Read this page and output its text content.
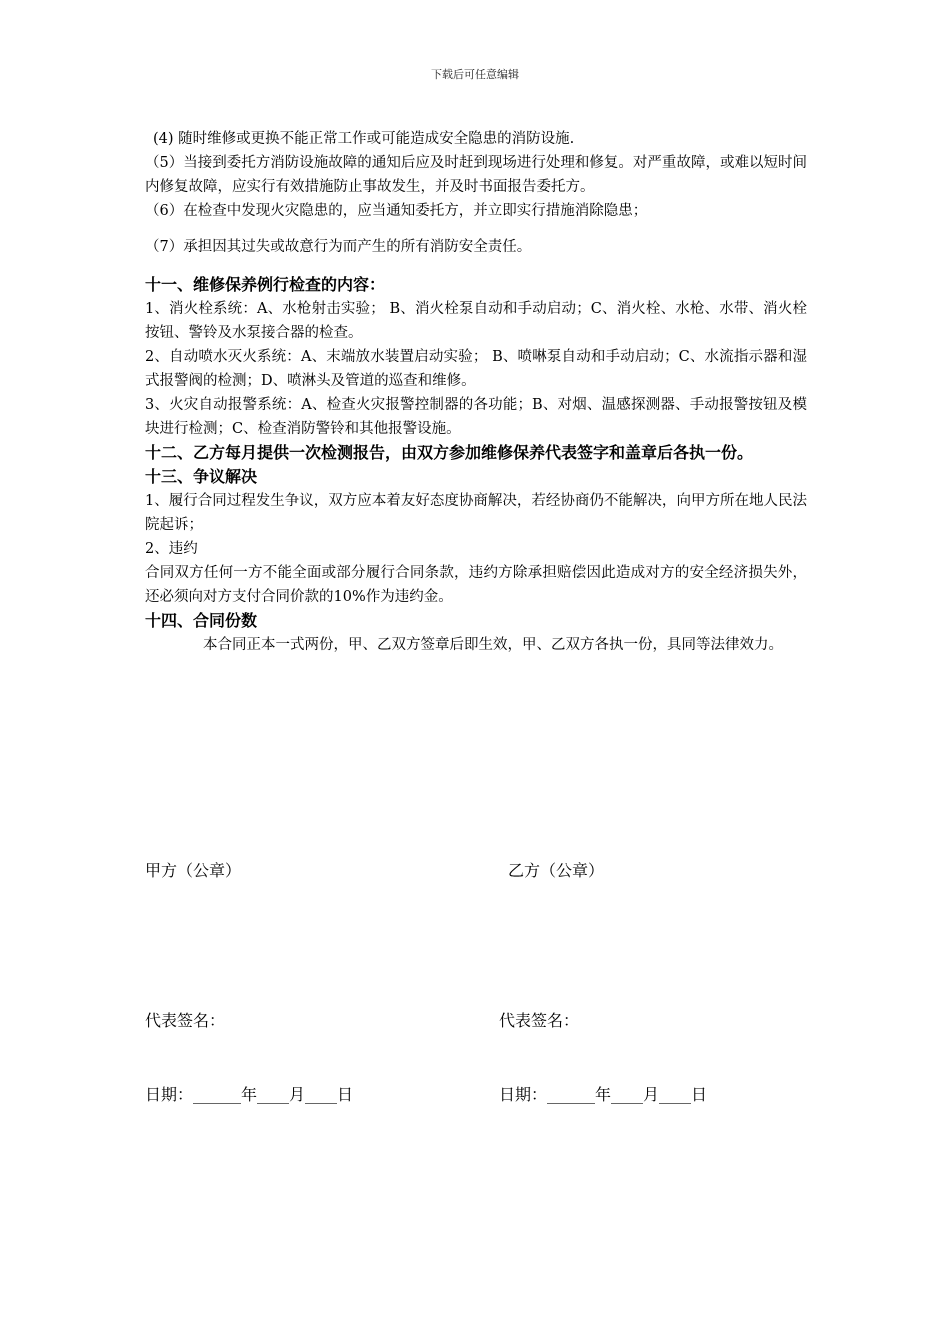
下载后可任意编辑

(4) 随时维修或更换不能正常工作或可能造成安全隐患的消防设施.

（5）当接到委托方消防设施故障的通知后应及时赶到现场进行处理和修复。对严重故障，或难以短时间内修复故障，应实行有效措施防止事故发生，并及时书面报告委托方。

（6）在检查中发现火灾隐患的，应当通知委托方，并立即实行措施消除隐患；

（7）承担因其过失或故意行为而产生的所有消防安全责任。

十一、维修保养例行检查的内容：

1、消火栓系统：A、水枪射击实验； B、消火栓泵自动和手动启动；C、消火栓、水枪、水带、消火栓按钮、警铃及水泵接合器的检查。

2、自动喷水灭火系统：A、末端放水装置启动实验； B、喷啉泵自动和手动启动；C、水流指示器和湿式报警阀的检测；D、喷淋头及管道的巡查和维修。

3、火灾自动报警系统：A、检查火灾报警控制器的各功能；B、对烟、温感探测器、手动报警按钮及模块进行检测；C、检查消防警铃和其他报警设施。

十二、乙方每月提供一次检测报告，由双方参加维修保养代表签字和盖章后各执一份。

十三、争议解决

1、履行合同过程发生争议，双方应本着友好态度协商解决，若经协商仍不能解决，向甲方所在地人民法院起诉；

2、违约

合同双方任何一方不能全面或部分履行合同条款，违约方除承担赔偿因此造成对方的安全经济损失外，还必须向对方支付合同价款的10%作为违约金。

十四、合同份数

本合同正本一式两份，甲、乙双方签章后即生效，甲、乙双方各执一份，具同等法律效力。

甲方（公章）	乙方（公章）
代表签名：	代表签名：
日期：______年____月____日	日期：______年____月____日
